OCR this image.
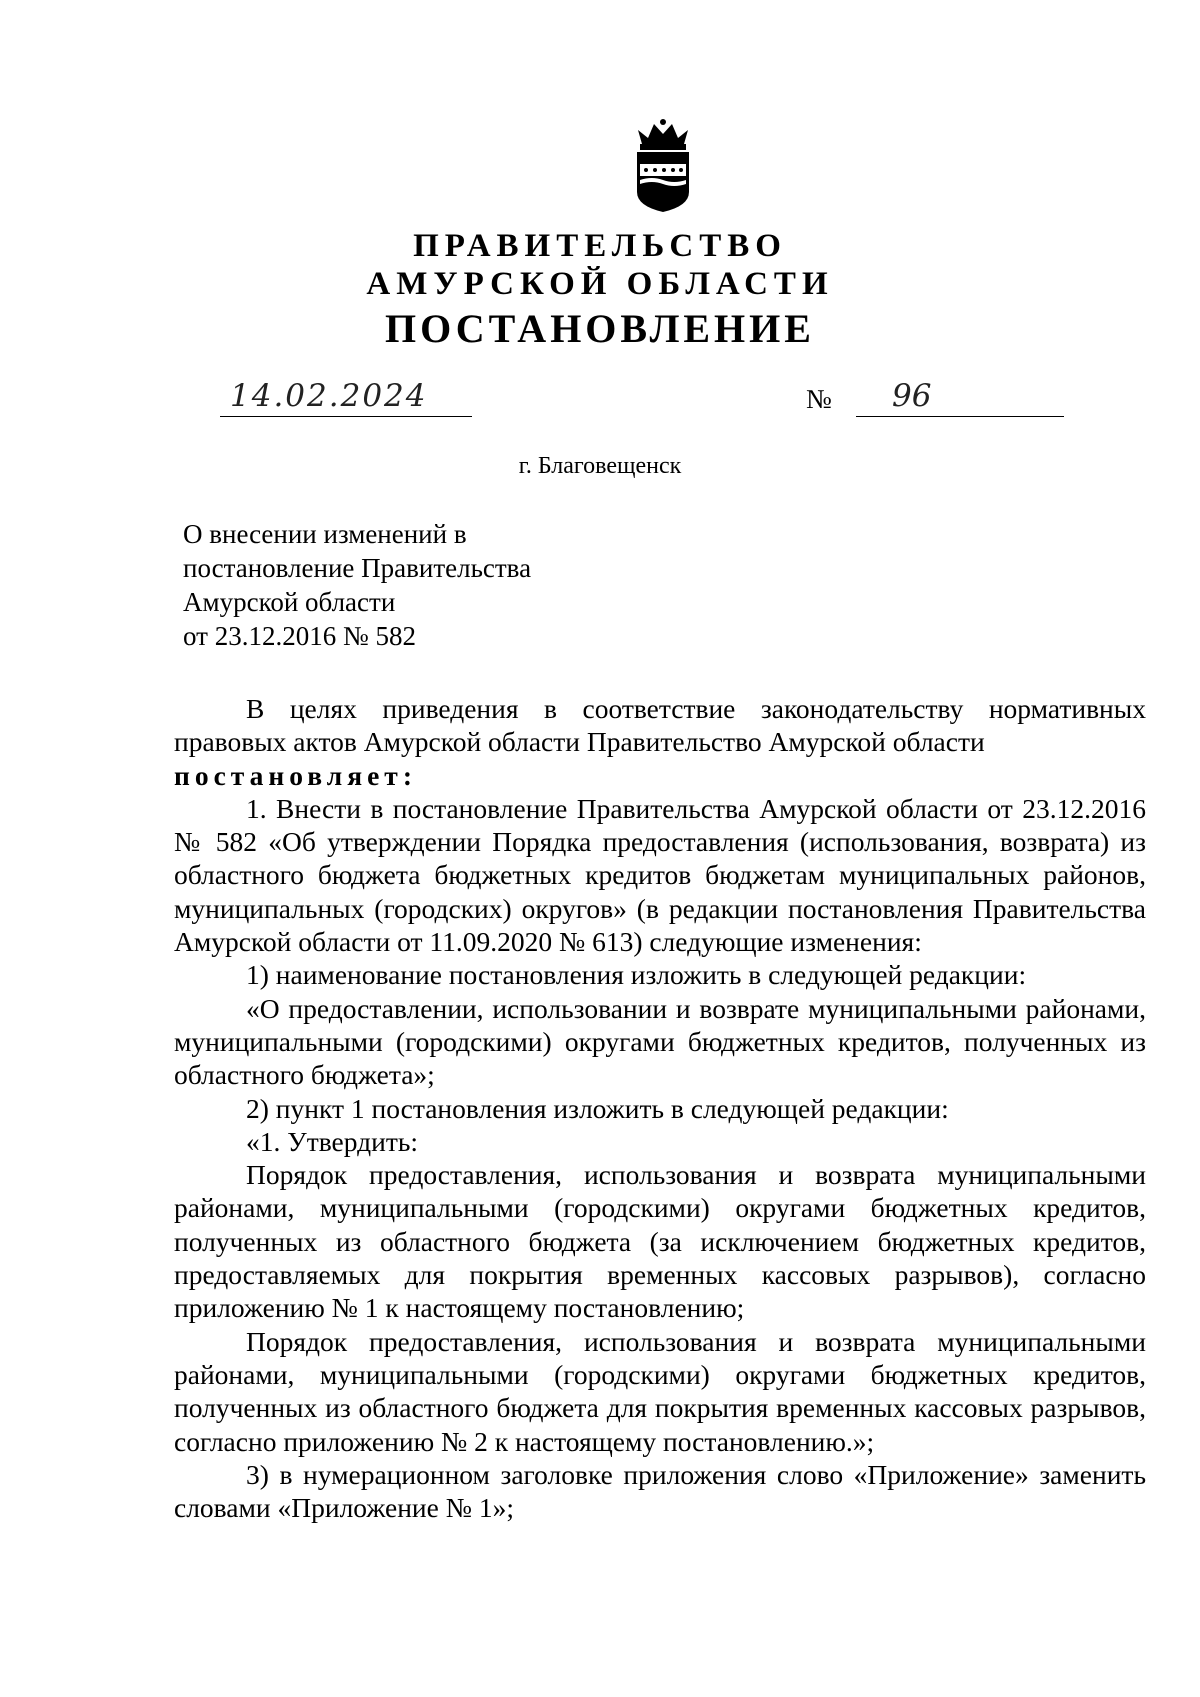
ПРАВИТЕЛЬСТВО
АМУРСКОЙ ОБЛАСТИ
ПОСТАНОВЛЕНИЕ
14.02.2024	№ 96
г. Благовещенск
О внесении изменений в
постановление Правительства
Амурской области
от 23.12.2016 № 582

В целях приведения в соответствие законодательству нормативных правовых актов Амурской области Правительство Амурской области

постановляет:

1. Внести в постановление Правительства Амурской области от 23.12.2016 № 582 «Об утверждении Порядка предоставления (использования, возврата) из областного бюджета бюджетных кредитов бюджетам муниципальных районов, муниципальных (городских) округов» (в редакции постановления Правительства Амурской области от 11.09.2020 № 613) следующие изменения:

1) наименование постановления изложить в следующей редакции:

«О предоставлении, использовании и возврате муниципальными районами, муниципальными (городскими) округами бюджетных кредитов, полученных из областного бюджета»;

2) пункт 1 постановления изложить в следующей редакции:

«1. Утвердить:

Порядок предоставления, использования и возврата муниципальными районами, муниципальными (городскими) округами бюджетных кредитов, полученных из областного бюджета (за исключением бюджетных кредитов, предоставляемых для покрытия временных кассовых разрывов), согласно приложению № 1 к настоящему постановлению;

Порядок предоставления, использования и возврата муниципальными районами, муниципальными (городскими) округами бюджетных кредитов, полученных из областного бюджета для покрытия временных кассовых разрывов, согласно приложению № 2 к настоящему постановлению.»;

3) в нумерационном заголовке приложения слово «Приложение» заменить словами «Приложение № 1»;
